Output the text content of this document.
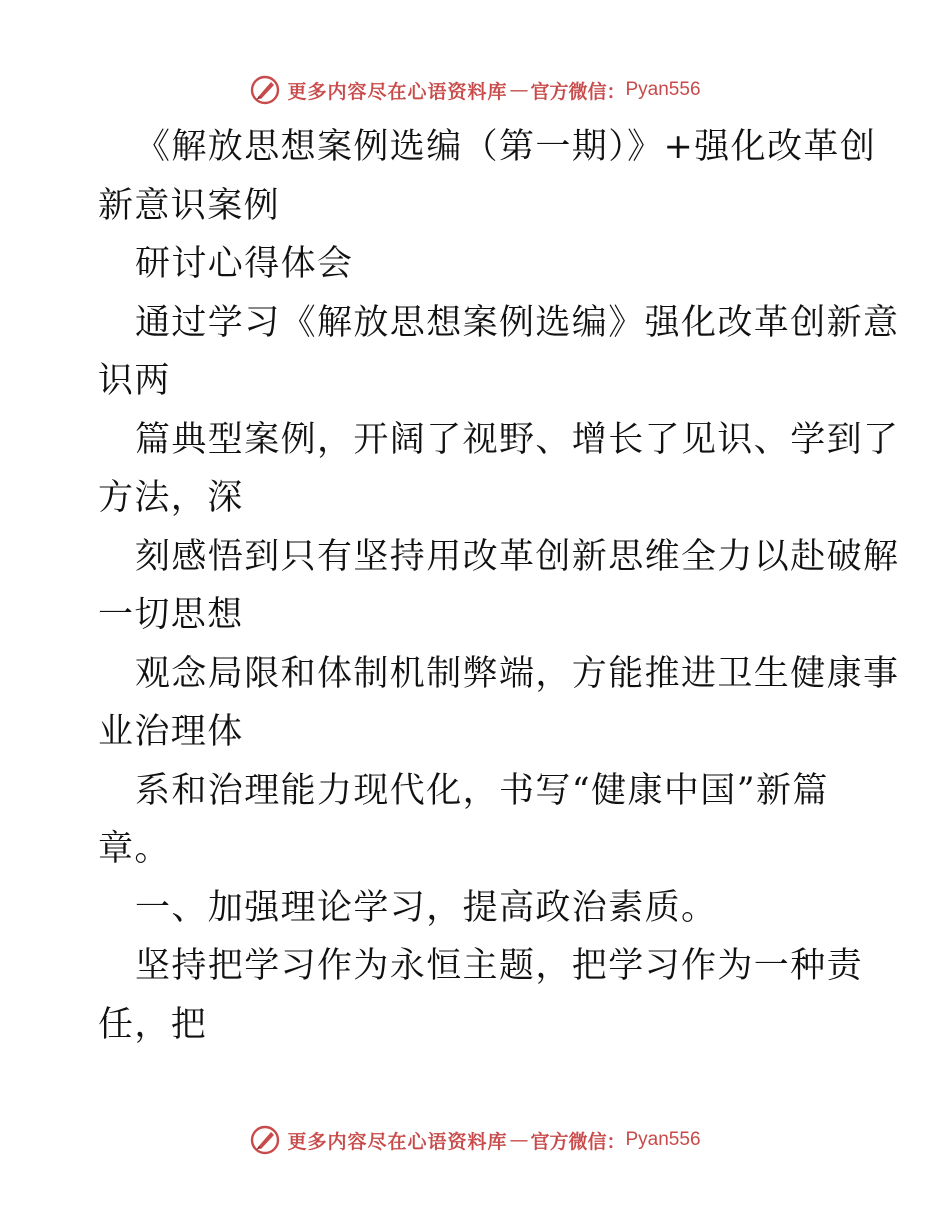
更多内容尽在心语资料库 — 官方微信： Pyan556
《解放思想案例选编（第一期）》+强化改革创
新意识案例
研讨心得体会
通过学习《解放思想案例选编》强化改革创新意
识两
篇典型案例，开阔了视野、增长了见识、学到了
方法，深
刻感悟到只有坚持用改革创新思维全力以赴破解
一切思想
观念局限和体制机制弊端，方能推进卫生健康事
业治理体
系和治理能力现代化，书写“健康中国”新篇
章。
一、加强理论学习，提高政治素质。
坚持把学习作为永恒主题，把学习作为一种责
任，把
更多内容尽在心语资料库 — 官方微信： Pyan556
